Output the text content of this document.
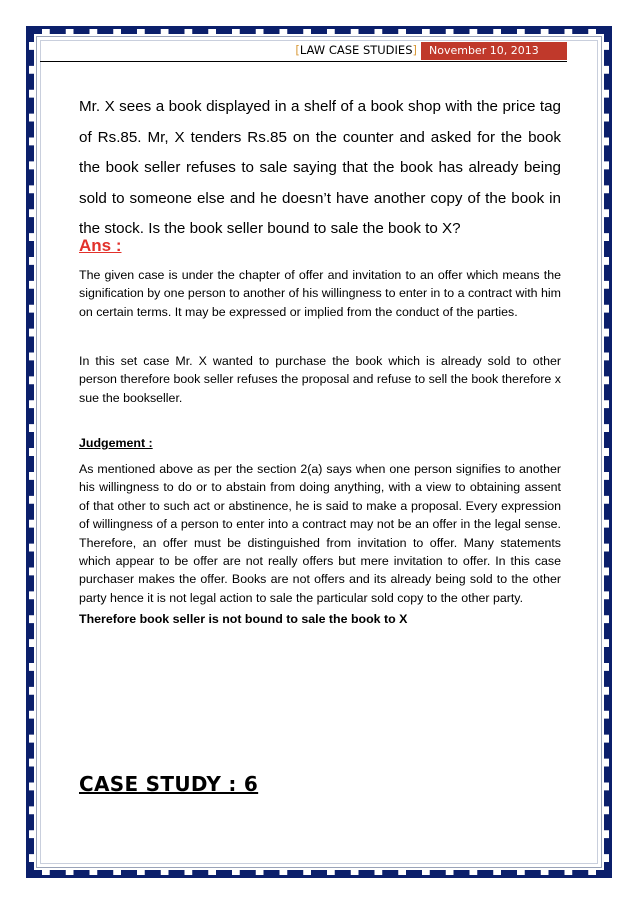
[LAW CASE STUDIES]	November 10, 2013
Mr. X sees a book displayed in a shelf of a book shop with the price tag of Rs.85. Mr, X tenders Rs.85 on the counter and asked for the book the book seller refuses to sale saying that the book has already being sold to someone else and he doesn’t have another copy of the book in the stock. Is the book seller bound to sale the book to X?
Ans :
The given case is under the chapter of offer and invitation to an offer which means the signification by one person to another of his willingness to enter in to a contract with him on certain terms. It may be expressed or implied from the conduct of the parties.
In this set case Mr. X wanted to purchase the book which is already sold to other person therefore book seller refuses the proposal and refuse to sell the book therefore x sue the bookseller.
Judgement :
As mentioned above as per the section 2(a) says when one person signifies to another his willingness to do or to abstain from doing anything, with a view to obtaining assent of that other to such act or abstinence, he is said to make a proposal. Every expression of willingness of a person to enter into a contract may not be an offer in the legal sense. Therefore, an offer must be distinguished from invitation to offer. Many statements which appear to be offer are not really offers but mere invitation to offer. In this case purchaser makes the offer. Books are not offers and its already being sold to the other party hence it is not legal action to sale the particular sold copy to the other party.
Therefore book seller is not bound to sale the book to X
CASE STUDY : 6
